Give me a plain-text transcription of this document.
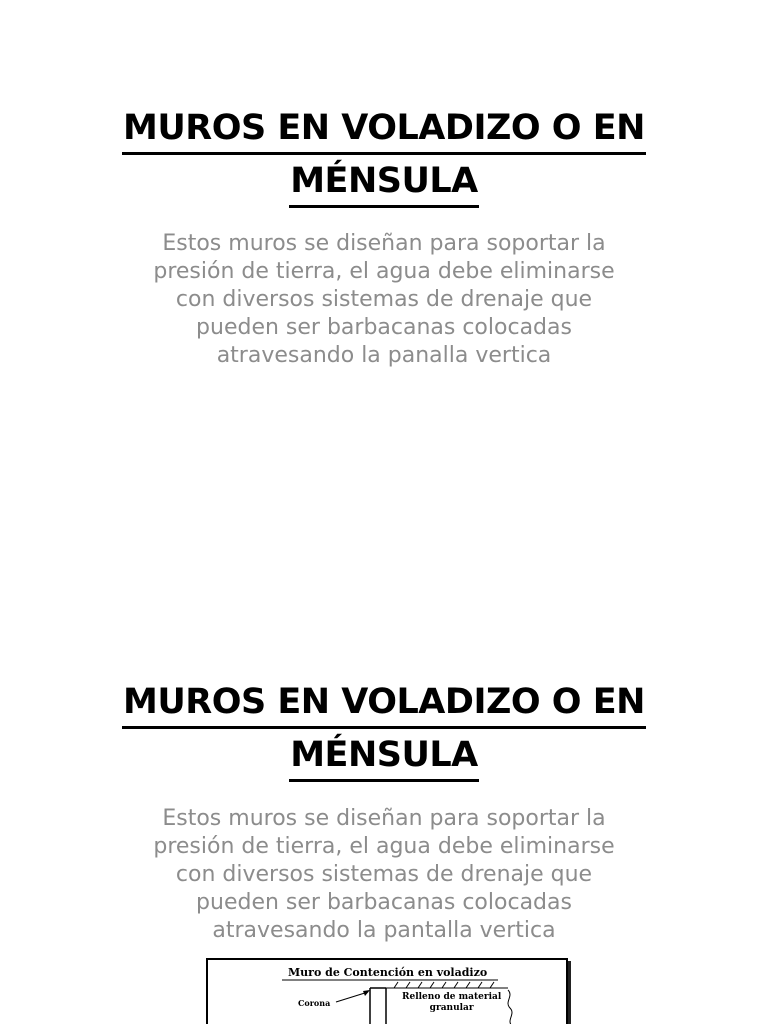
MUROS EN VOLADIZO O EN
MÉNSULA
Estos muros se diseñan para soportar la
presión de tierra, el agua debe eliminarse
con diversos sistemas de drenaje que
pueden ser barbacanas colocadas
atravesando la panalla vertica
MUROS EN VOLADIZO O EN
MÉNSULA
Estos muros se diseñan para soportar la
presión de tierra, el agua debe eliminarse
con diversos sistemas de drenaje que
pueden ser barbacanas colocadas
atravesando la pantalla vertica
Muro de Contención en voladizo
Corona
Relleno de material
granular
